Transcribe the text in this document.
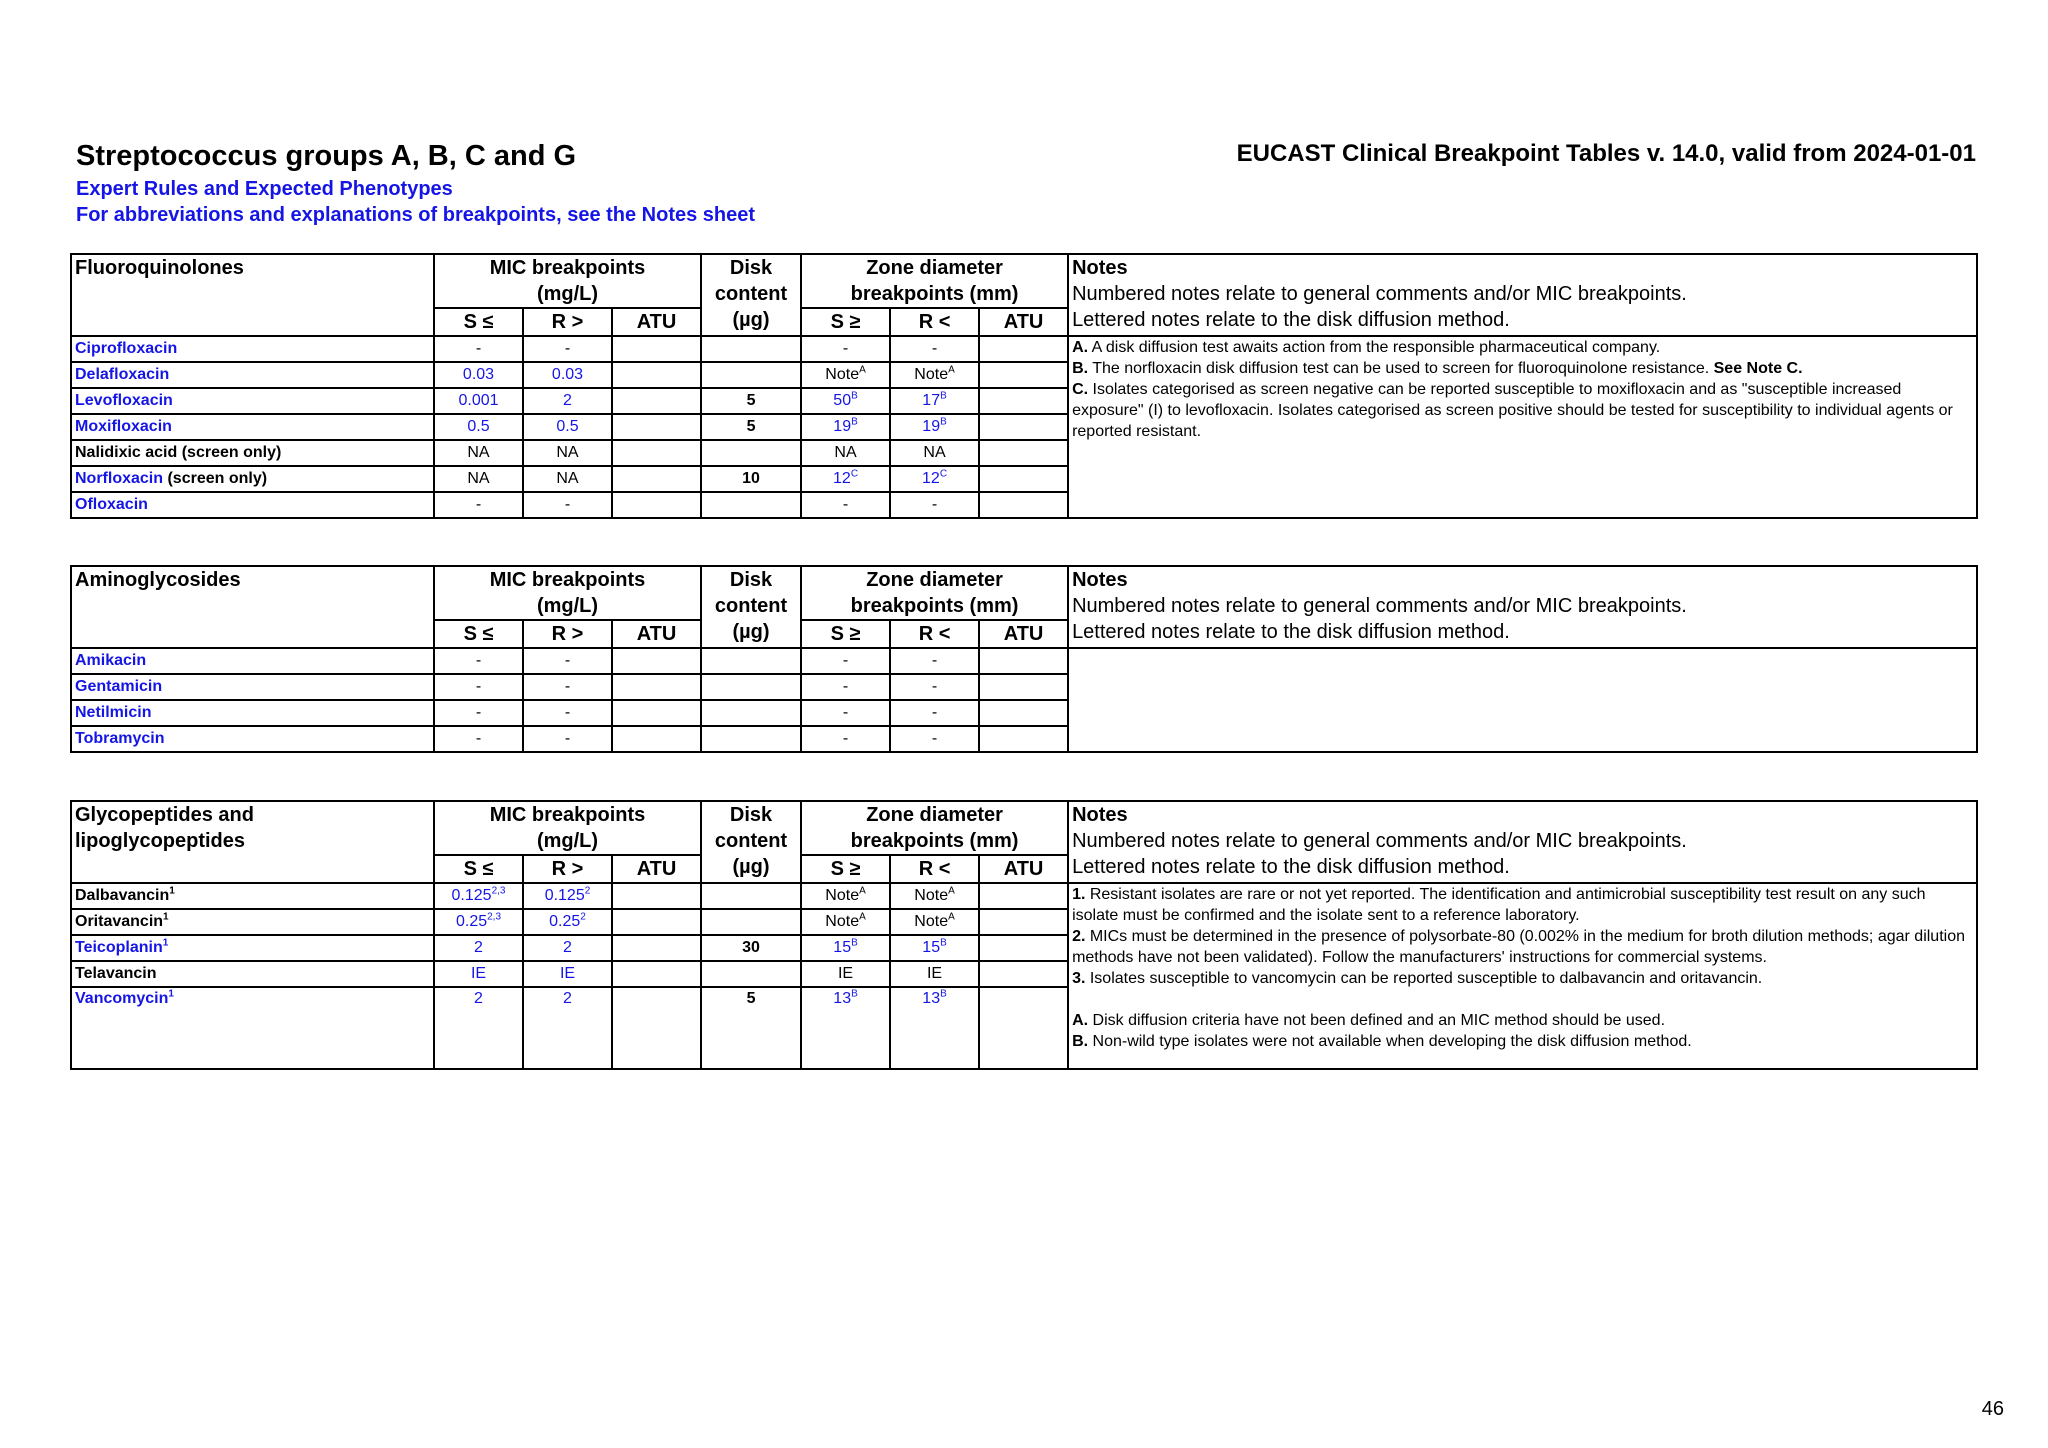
Streptococcus groups A, B, C and G	EUCAST Clinical Breakpoint Tables v. 14.0, valid from 2024-01-01
Expert Rules and Expected Phenotypes
For abbreviations and explanations of breakpoints, see the Notes sheet
Fluoroquinolones	MIC breakpoints
(mg/L)			Disk
content
(µg)	Zone diameter
breakpoints (mm)			Notes
Numbered notes relate to general comments and/or MIC breakpoints.
Lettered notes relate to the disk diffusion method.

	S ≤	R >	ATU		S ≥	R <	ATU	
Ciprofloxacin	-	-			-	-		A. A disk diffusion test awaits action from the responsible pharmaceutical company.
B. The norfloxacin disk diffusion test can be used to screen for fluoroquinolone resistance. See Note C.
C. Isolates categorised as screen negative can be reported susceptible to moxifloxacin and as "susceptible increased exposure" (I) to levofloxacin. Isolates categorised as screen positive should be tested for susceptibility to individual agents or reported resistant.

Delafloxacin	0.03	0.03			Note$^A$	Note$^A$	
Levofloxacin	0.001	2		5	$50^B$	$17^B$	
Moxifloxacin	0.5	0.5		5	$19^B$	$19^B$	
Nalidixic acid (screen only)	NA	NA			NA	NA		
Norfloxacin (screen only)	NA	NA		10	$12^C$	$12^C$	
Ofloxacin	-	-			-	-		
Aminoglycosides	MIC breakpoints
(mg/L)			Disk
content
(µg)	Zone diameter
breakpoints (mm)			Notes
Numbered notes relate to general comments and/or MIC breakpoints.
Lettered notes relate to the disk diffusion method.

	S ≤	R >	ATU		S ≥	R <	ATU	
Amikacin	-	-			-	-		
Gentamicin	-	-			-	-		
Netilmicin	-	-			-	-		
Tobramycin	-	-			-	-		
Glycopeptides and
lipoglycopeptides	MIC breakpoints
(mg/L)			Disk
content
(µg)	Zone diameter
breakpoints (mm)			Notes
Numbered notes relate to general comments and/or MIC breakpoints.
Lettered notes relate to the disk diffusion method.

	S ≤	R >	ATU		S ≥	R <	ATU	
Dalbavancin$^1$	0.125$^{2,3}$	0.125$^2$			Note$^A$	Note$^A$		1. Resistant isolates are rare or not yet reported. The identification and antimicrobial susceptibility test result on any such isolate must be confirmed and the isolate sent to a reference laboratory.
2. MICs must be determined in the presence of polysorbate-80 (0.002% in the medium for broth dilution methods; agar dilution methods have not been validated). Follow the manufacturers' instructions for commercial systems.
3. Isolates susceptible to vancomycin can be reported susceptible to dalbavancin and oritavancin.

A. Disk diffusion criteria have not been defined and an MIC method should be used.
B. Non-wild type isolates were not available when developing the disk diffusion method.

Oritavancin$^1$	0.25$^{2,3}$	0.25$^2$			Note$^A$	Note$^A$	
Teicoplanin$^1$	2	2		30	$15^B$	$15^B$	
Telavancin	IE	IE			IE	IE		
Vancomycin$^1$	2	2		5	$13^B$	$13^B$	
46
